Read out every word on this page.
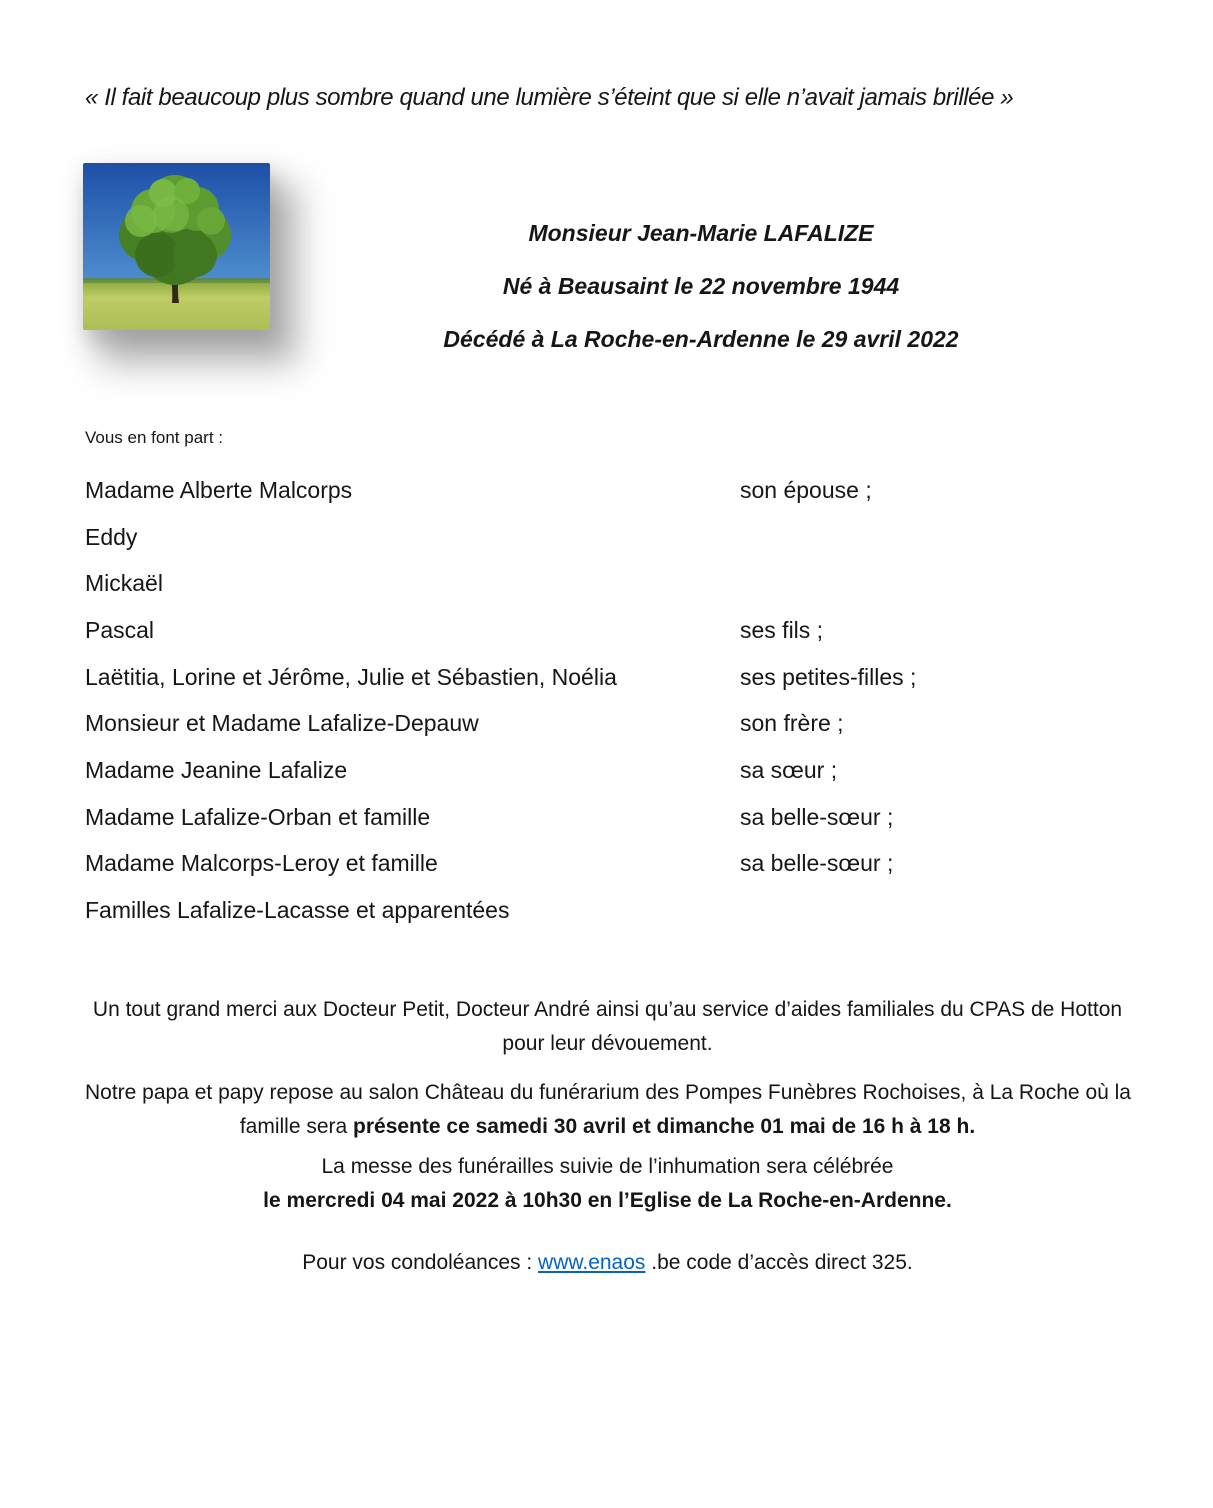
« Il fait beaucoup plus sombre quand une lumière s’éteint que si elle n’avait jamais brillée »
Monsieur Jean-Marie LAFALIZE
Né à Beausaint le 22 novembre 1944
Décédé à La Roche-en-Ardenne le 29 avril 2022
Vous en font part :
Madame Alberte Malcorps	son épouse ;
Eddy
Mickaël
Pascal	ses fils ;
Laëtitia, Lorine et Jérôme, Julie et Sébastien, Noélia	ses petites-filles ;
Monsieur et Madame Lafalize-Depauw	son frère ;
Madame Jeanine Lafalize	sa sœur ;
Madame Lafalize-Orban et famille	sa belle-sœur ;
Madame Malcorps-Leroy et famille	sa belle-sœur ;
Familles Lafalize-Lacasse et apparentées
Un tout grand merci aux Docteur Petit, Docteur André ainsi qu’au service d’aides familiales du CPAS de Hotton
pour leur dévouement.
Notre papa et papy repose au salon Château du funérarium des Pompes Funèbres Rochoises, à La Roche où la
famille sera présente ce samedi 30 avril et dimanche 01 mai de 16 h à 18 h.
La messe des funérailles suivie de l’inhumation sera célébrée
le mercredi 04 mai 2022 à 10h30 en l’Eglise de La Roche-en-Ardenne.
Pour vos condoléances : www.enaos .be code d’accès direct 325.
